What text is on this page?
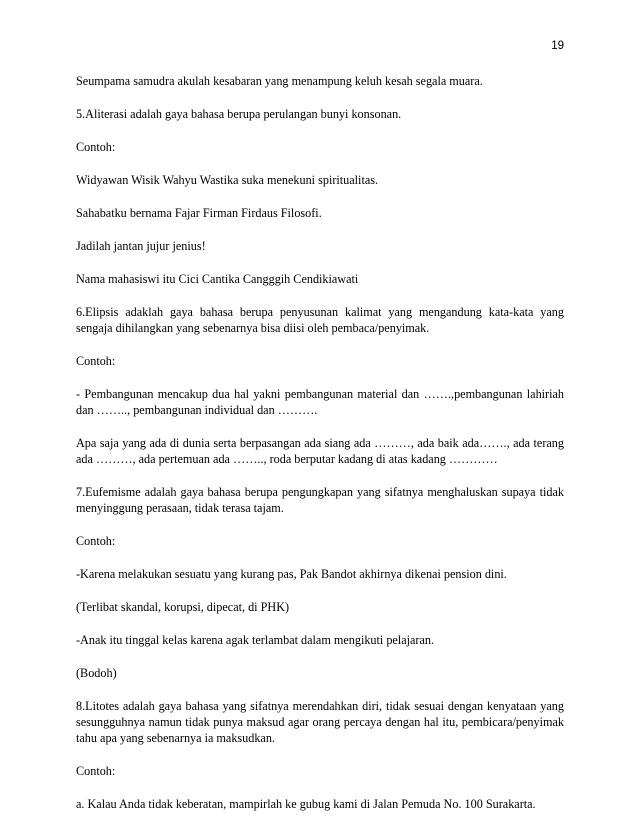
19

Seumpama samudra akulah kesabaran yang menampung keluh kesah segala muara.

5.Aliterasi adalah gaya bahasa berupa perulangan bunyi konsonan.

Contoh:

Widyawan Wisik Wahyu Wastika suka menekuni spiritualitas.

Sahabatku bernama Fajar Firman Firdaus Filosofi.

Jadilah jantan jujur jenius!

Nama mahasiswi itu Cici Cantika Cangggih Cendikiawati

6.Elipsis adaklah gaya bahasa berupa penyusunan kalimat yang mengandung kata-kata yang sengaja dihilangkan yang sebenarnya bisa diisi oleh pembaca/penyimak.

Contoh:

- Pembangunan mencakup dua hal yakni pembangunan material dan …….,pembangunan lahiriah dan …….., pembangunan individual dan ……….

Apa saja yang ada di dunia serta berpasangan ada siang ada ………, ada baik ada……., ada terang ada ………, ada pertemuan ada …….., roda berputar kadang di atas kadang …………

7.Eufemisme adalah gaya bahasa berupa pengungkapan yang sifatnya menghaluskan supaya tidak menyinggung perasaan, tidak terasa tajam.

Contoh:

-Karena melakukan sesuatu yang kurang pas, Pak Bandot akhirnya dikenai pension dini.

(Terlibat skandal, korupsi, dipecat, di PHK)

-Anak itu tinggal kelas karena agak terlambat dalam mengikuti pelajaran.

(Bodoh)

8.Litotes adalah gaya bahasa yang sifatnya merendahkan diri, tidak sesuai dengan kenyataan yang sesungguhnya namun tidak punya maksud agar orang percaya dengan hal itu, pembicara/penyimak tahu apa yang sebenarnya ia maksudkan.

Contoh:

a. Kalau Anda tidak keberatan, mampirlah ke gubug kami di Jalan Pemuda No. 100 Surakarta.
